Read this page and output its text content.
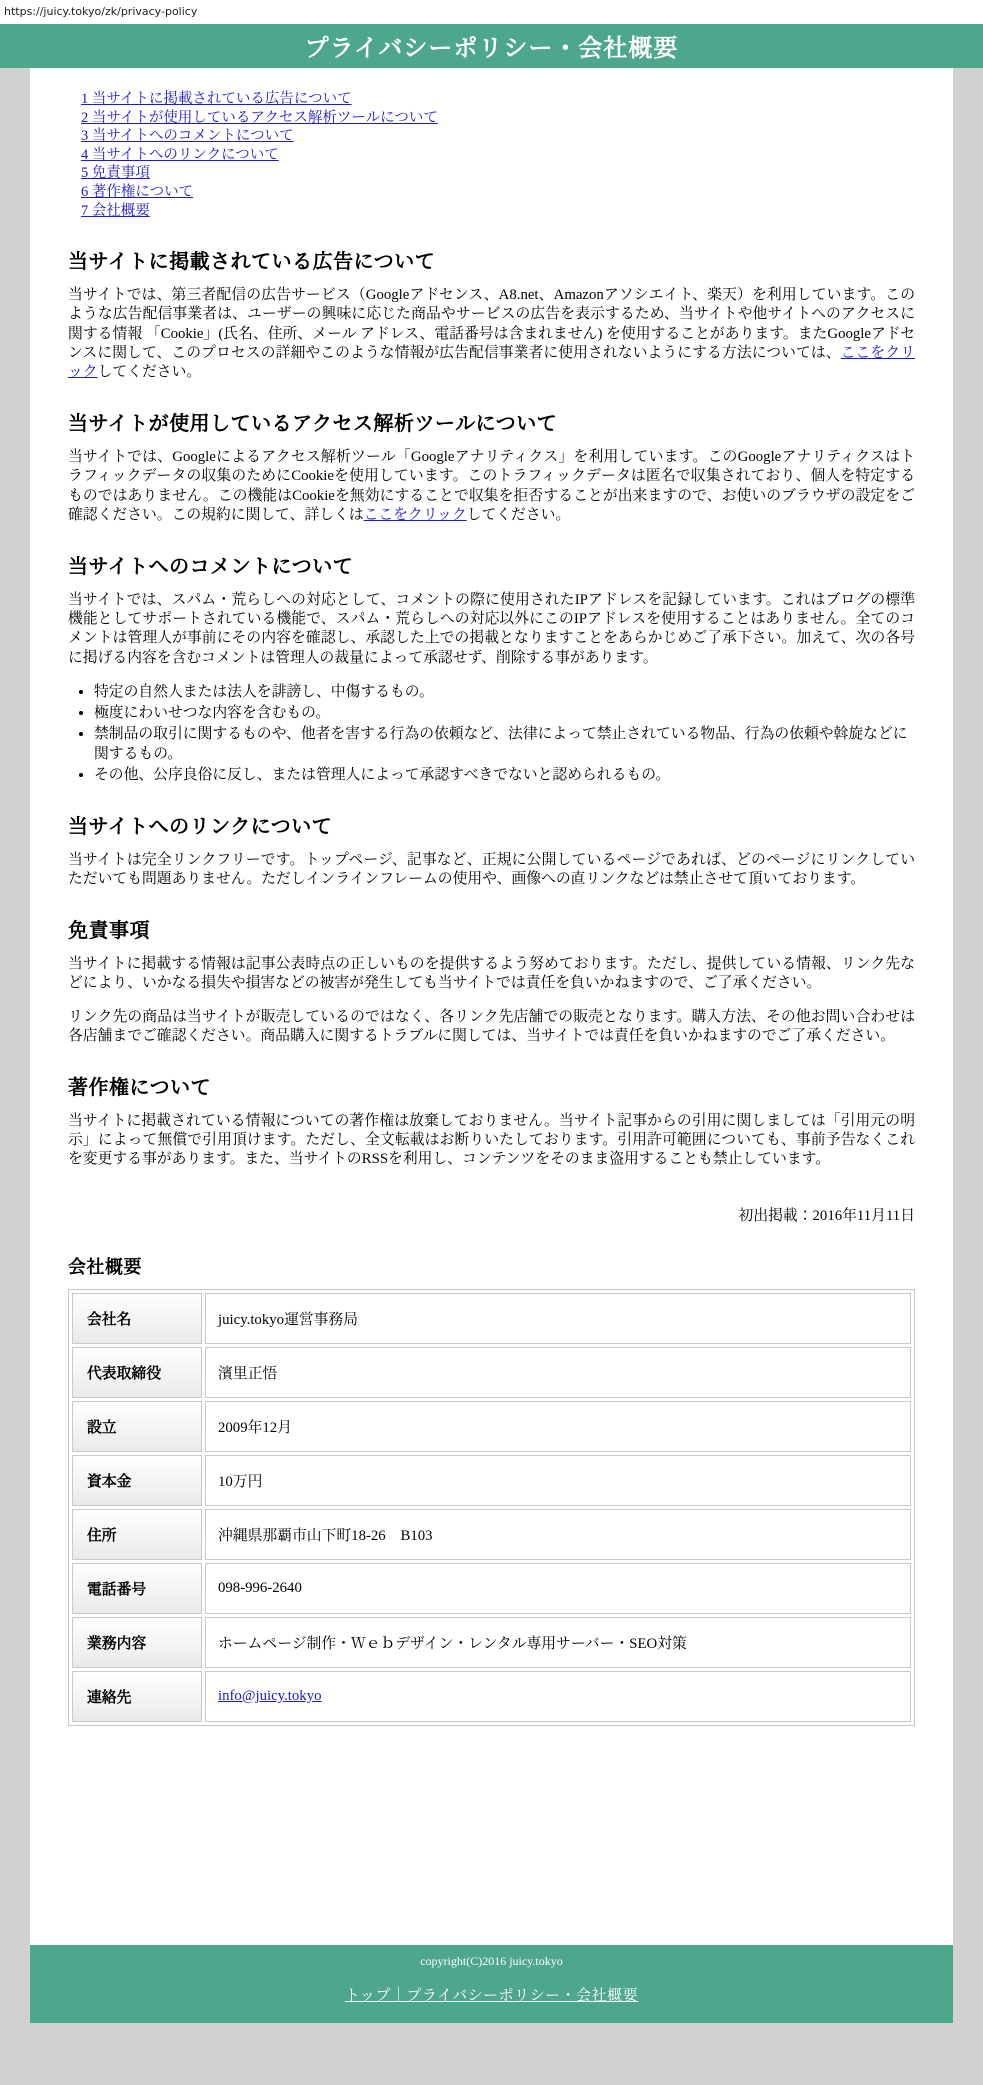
https://juicy.tokyo/zk/privacy-policy
プライバシーポリシー・会社概要
1 当サイトに掲載されている広告について
2 当サイトが使用しているアクセス解析ツールについて
3 当サイトへのコメントについて
4 当サイトへのリンクについて
5 免責事項
6 著作権について
7 会社概要
当サイトに掲載されている広告について

当サイトでは、第三者配信の広告サービス（Googleアドセンス、A8.net、Amazonアソシエイト、楽天）を利用しています。このような広告配信事業者は、ユーザーの興味に応じた商品やサービスの広告を表示するため、当サイトや他サイトへのアクセスに関する情報 「Cookie」(氏名、住所、メール アドレス、電話番号は含まれません) を使用することがあります。またGoogleアドセンスに関して、このプロセスの詳細やこのような情報が広告配信事業者に使用されないようにする方法については、ここをクリックしてください。

当サイトが使用しているアクセス解析ツールについて

当サイトでは、Googleによるアクセス解析ツール「Googleアナリティクス」を利用しています。このGoogleアナリティクスはトラフィックデータの収集のためにCookieを使用しています。このトラフィックデータは匿名で収集されており、個人を特定するものではありません。この機能はCookieを無効にすることで収集を拒否することが出来ますので、お使いのブラウザの設定をご確認ください。この規約に関して、詳しくはここをクリックしてください。

当サイトへのコメントについて

当サイトでは、スパム・荒らしへの対応として、コメントの際に使用されたIPアドレスを記録しています。これはブログの標準機能としてサポートされている機能で、スパム・荒らしへの対応以外にこのIPアドレスを使用することはありません。全てのコメントは管理人が事前にその内容を確認し、承認した上での掲載となりますことをあらかじめご了承下さい。加えて、次の各号に掲げる内容を含むコメントは管理人の裁量によって承認せず、削除する事があります。

• 特定の自然人または法人を誹謗し、中傷するもの。
• 極度にわいせつな内容を含むもの。
• 禁制品の取引に関するものや、他者を害する行為の依頼など、法律によって禁止されている物品、行為の依頼や斡旋などに関するもの。
• その他、公序良俗に反し、または管理人によって承認すべきでないと認められるもの。
当サイトへのリンクについて

当サイトは完全リンクフリーです。トップページ、記事など、正規に公開しているページであれば、どのページにリンクしていただいても問題ありません。ただしインラインフレームの使用や、画像への直リンクなどは禁止させて頂いております。

免責事項

当サイトに掲載する情報は記事公表時点の正しいものを提供するよう努めております。ただし、提供している情報、リンク先などにより、いかなる損失や損害などの被害が発生しても当サイトでは責任を負いかねますので、ご了承ください。

リンク先の商品は当サイトが販売しているのではなく、各リンク先店舗での販売となります。購入方法、その他お問い合わせは各店舗までご確認ください。商品購入に関するトラブルに関しては、当サイトでは責任を負いかねますのでご了承ください。

著作権について

当サイトに掲載されている情報についての著作権は放棄しておりません。当サイト記事からの引用に関しましては「引用元の明示」によって無償で引用頂けます。ただし、全文転載はお断りいたしております。引用許可範囲についても、事前予告なくこれを変更する事があります。また、当サイトのRSSを利用し、コンテンツをそのまま盗用することも禁止しています。

初出掲載：2016年11月11日

会社概要
会社名	juicy.tokyo運営事務局
代表取締役	濱里正悟
設立	2009年12月
資本金	10万円
住所	沖縄県那覇市山下町18-26　B103
電話番号	098-996-2640
業務内容	ホームページ制作・Ｗｅｂデザイン・レンタル専用サーバー・SEO対策
連絡先	info@juicy.tokyo

copyright(C)2016 juicy.tokyo

トップ｜プライバシーポリシー・会社概要
